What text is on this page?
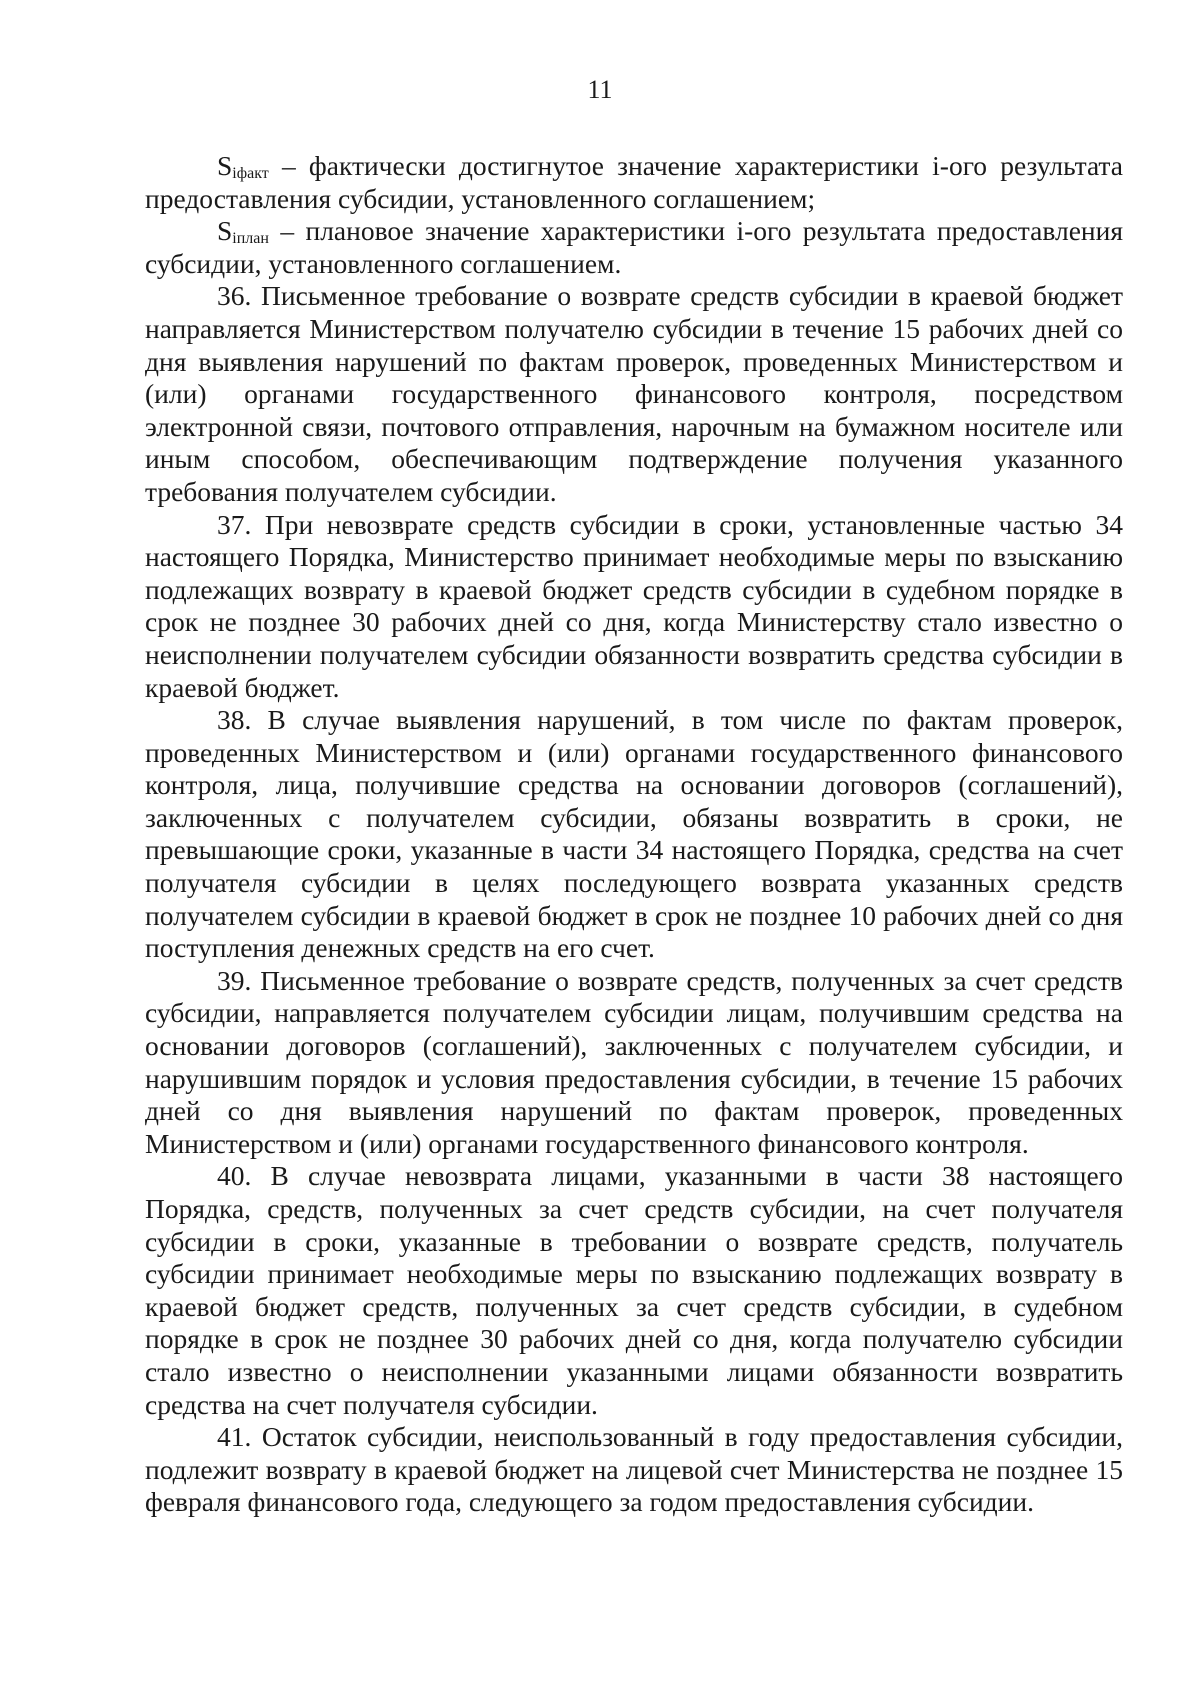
11

$S_{iфакт}$ – фактически достигнутое значение характеристики i-ого результата предоставления субсидии, установленного соглашением;

$S_{iплан}$ – плановое значение характеристики i-ого результата предоставления субсидии, установленного соглашением.

36. Письменное требование о возврате средств субсидии в краевой бюджет направляется Министерством получателю субсидии в течение 15 рабочих дней со дня выявления нарушений по фактам проверок, проведенных Министерством и (или) органами государственного финансового контроля, посредством электронной связи, почтового отправления, нарочным на бумажном носителе или иным способом, обеспечивающим подтверждение получения указанного требования получателем субсидии.

37. При невозврате средств субсидии в сроки, установленные частью 34 настоящего Порядка, Министерство принимает необходимые меры по взысканию подлежащих возврату в краевой бюджет средств субсидии в судебном порядке в срок не позднее 30 рабочих дней со дня, когда Министерству стало известно о неисполнении получателем субсидии обязанности возвратить средства субсидии в краевой бюджет.

38. В случае выявления нарушений, в том числе по фактам проверок, проведенных Министерством и (или) органами государственного финансового контроля, лица, получившие средства на основании договоров (соглашений), заключенных с получателем субсидии, обязаны возвратить в сроки, не превышающие сроки, указанные в части 34 настоящего Порядка, средства на счет получателя субсидии в целях последующего возврата указанных средств получателем субсидии в краевой бюджет в срок не позднее 10 рабочих дней со дня поступления денежных средств на его счет.

39. Письменное требование о возврате средств, полученных за счет средств субсидии, направляется получателем субсидии лицам, получившим средства на основании договоров (соглашений), заключенных с получателем субсидии, и нарушившим порядок и условия предоставления субсидии, в течение 15 рабочих дней со дня выявления нарушений по фактам проверок, проведенных Министерством и (или) органами государственного финансового контроля.

40. В случае невозврата лицами, указанными в части 38 настоящего Порядка, средств, полученных за счет средств субсидии, на счет получателя субсидии в сроки, указанные в требовании о возврате средств, получатель субсидии принимает необходимые меры по взысканию подлежащих возврату в краевой бюджет средств, полученных за счет средств субсидии, в судебном порядке в срок не позднее 30 рабочих дней со дня, когда получателю субсидии стало известно о неисполнении указанными лицами обязанности возвратить средства на счет получателя субсидии.

41. Остаток субсидии, неиспользованный в году предоставления субсидии, подлежит возврату в краевой бюджет на лицевой счет Министерства не позднее 15 февраля финансового года, следующего за годом предоставления субсидии.
